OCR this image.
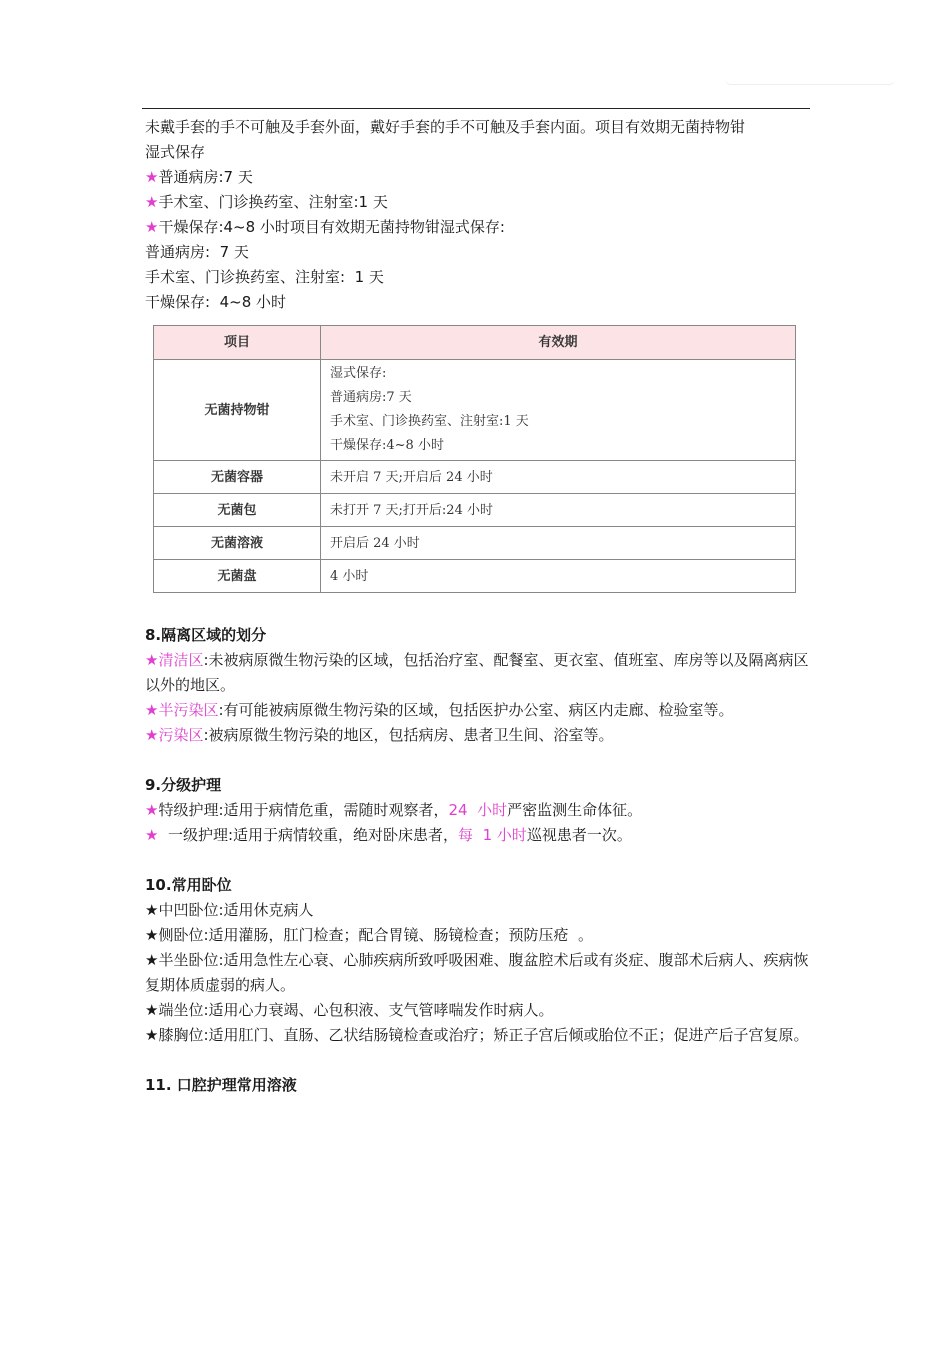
未戴手套的手不可触及手套外面，戴好手套的手不可触及手套内面。项目有效期无菌持物钳

湿式保存

★普通病房:7 天

★手术室、门诊换药室、注射室:1 天

★干燥保存:4~8 小时项目有效期无菌持物钳湿式保存:

普通病房:  7 天

手术室、门诊换药室、注射室:  1 天

干燥保存:  4~8 小时

项目	有效期
无菌持物钳	湿式保存:
普通病房:7 天
手术室、门诊换药室、注射室:1 天
干燥保存:4~8 小时

无菌容器	未开启 7 天;开启后 24 小时
无菌包	未打开 7 天;打开后:24 小时
无菌溶液	开启后 24 小时
无菌盘	4 小时

8.隔离区域的划分

★清洁区:未被病原微生物污染的区域，包括治疗室、配餐室、更衣室、值班室、库房等以及隔离病区以外的地区。

★半污染区:有可能被病原微生物污染的区域，包括医护办公室、病区内走廊、检验室等。

★污染区:被病原微生物污染的地区，包括病房、患者卫生间、浴室等。

9.分级护理

★特级护理:适用于病情危重，需随时观察者，24  小时严密监测生命体征。

★  一级护理:适用于病情较重，绝对卧床患者，每  1 小时巡视患者一次。

10.常用卧位

★中凹卧位:适用休克病人

★侧卧位:适用灌肠，肛门检查；配合胃镜、肠镜检查；预防压疮  。

★半坐卧位:适用急性左心衰、心肺疾病所致呼吸困难、腹盆腔术后或有炎症、腹部术后病人、疾病恢复期体质虚弱的病人。

★端坐位:适用心力衰竭、心包积液、支气管哮喘发作时病人。

★膝胸位:适用肛门、直肠、乙状结肠镜检查或治疗；矫正子宫后倾或胎位不正；促进产后子宫复原。

11. 口腔护理常用溶液
